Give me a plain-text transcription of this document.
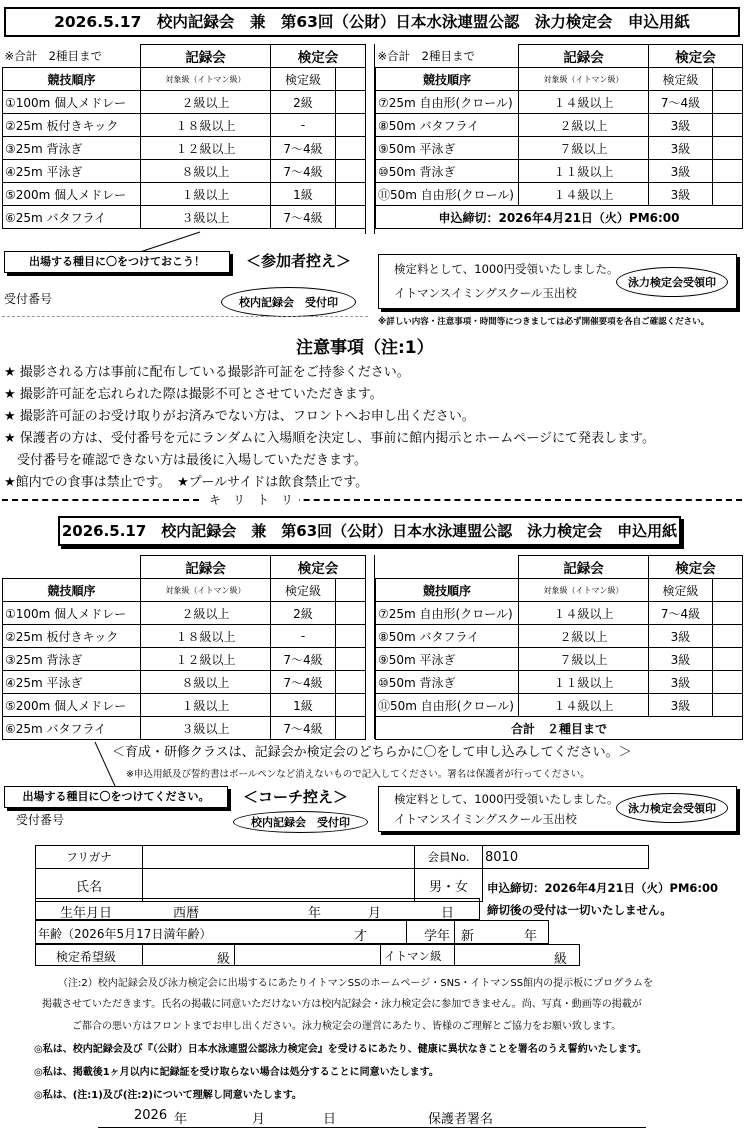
2026.5.17　校内記録会　兼　第63回（公財）日本水泳連盟公認　泳力検定会　申込用紙
※合計　2種目まで	記録会	検定会	
競技順序	対象級（イトマン級）	検定級	
①100m 個人メドレー	２級以上	2級	
②25m 板付きキック	１８級以上	-	
③25m 背泳ぎ	１２級以上	7～4級	
④25m 平泳ぎ	８級以上	7～4級	
⑤200m 個人メドレー	１級以上	1級	
⑥25m バタフライ	３級以上	7～4級	
※合計　2種目まで	記録会	検定会	
競技順序	対象級（イトマン級）	検定級	
⑦25m 自由形(クロール)	１４級以上	7～4級	
⑧50m バタフライ	２級以上	3級	
⑨50m 平泳ぎ	７級以上	3級	
⑩50m 背泳ぎ	１１級以上	3級	
⑪50m 自由形(クロール)	１４級以上	3級	
申込締切：2026年4月21日（火）PM6:00			
出場する種目に〇をつけておこう！	＜参加者控え＞
受付番号	校内記録会　受付印
検定料として、1000円受領いたしました。
イトマンスイミングスクール玉出校
泳力検定会受領印
※詳しい内容・注意事項・時間等につきましては必ず開催要項を各自ご確認ください。
注意事項（注:1）
★ 撮影される方は事前に配布している撮影許可証をご持参ください。
★ 撮影許可証を忘れられた際は撮影不可とさせていただきます。
★ 撮影許可証のお受け取りがお済みでない方は、フロントへお申し出ください。
★ 保護者の方は、受付番号を元にランダムに入場順を決定し、事前に館内掲示とホームページにて発表します。
　受付番号を確認できない方は最後に入場していただきます。
★館内での食事は禁止です。　★プールサイドは飲食禁止です。
キ　リ　ト　リ
2026.5.17　校内記録会　兼　第63回（公財）日本水泳連盟公認　泳力検定会　申込用紙
	記録会	検定会	
競技順序	対象級（イトマン級）	検定級	
①100m 個人メドレー	２級以上	2級	
②25m 板付きキック	１８級以上	-	
③25m 背泳ぎ	１２級以上	7～4級	
④25m 平泳ぎ	８級以上	7～4級	
⑤200m 個人メドレー	１級以上	1級	
⑥25m バタフライ	３級以上	7～4級	
	記録会	検定会	
競技順序	対象級（イトマン級）	検定級	
⑦25m 自由形(クロール)	１４級以上	7～4級	
⑧50m バタフライ	２級以上	3級	
⑨50m 平泳ぎ	７級以上	3級	
⑩50m 背泳ぎ	１１級以上	3級	
⑪50m 自由形(クロール)	１４級以上	3級	
合計　２種目まで			
＜育成・研修クラスは、記録会か検定会のどちらかに〇をして申し込みしてください。＞
※申込用紙及び誓約書はボールペンなど消えないもので記入してください。署名は保護者が行ってください。
出場する種目に〇をつけてください。	＜コーチ控え＞
受付番号	校内記録会　受付印
検定料として、1000円受領いたしました。
イトマンスイミングスクール玉出校
泳力検定会受領印
フリガナ		会員No.	8010
氏名		男・女	申込締切：2026年4月21日（火）PM6:00
生年月日	西暦	年	月	日	締切後の受付は一切いたしません。
年齢（2026年5月17日満年齢）	才	学年 新	年
検定希望級	級	イトマン級	級
（注:2）校内記録会及び泳力検定会に出場するにあたりイトマンSSのホームページ・SNS・イトマンSS館内の提示板にプログラムを
掲載させていただきます。氏名の掲載に同意いただけない方は校内記録会・泳力検定会に参加できません。尚、写真・動画等の掲載が
ご都合の悪い方はフロントまでお申し出ください。泳力検定会の運営にあたり、皆様のご理解とご協力をお願い致します。
◎私は、校内記録会及び『（公財）日本水泳連盟公認泳力検定会』を受けるにあたり、健康に異状なきことを署名のうえ誓約いたします。
◎私は、掲載後1ヶ月以内に記録証を受け取らない場合は処分することに同意いたします。
◎私は、(注:1)及び(注:2)について理解し同意いたします。
2026 年	月	日	保護者署名
